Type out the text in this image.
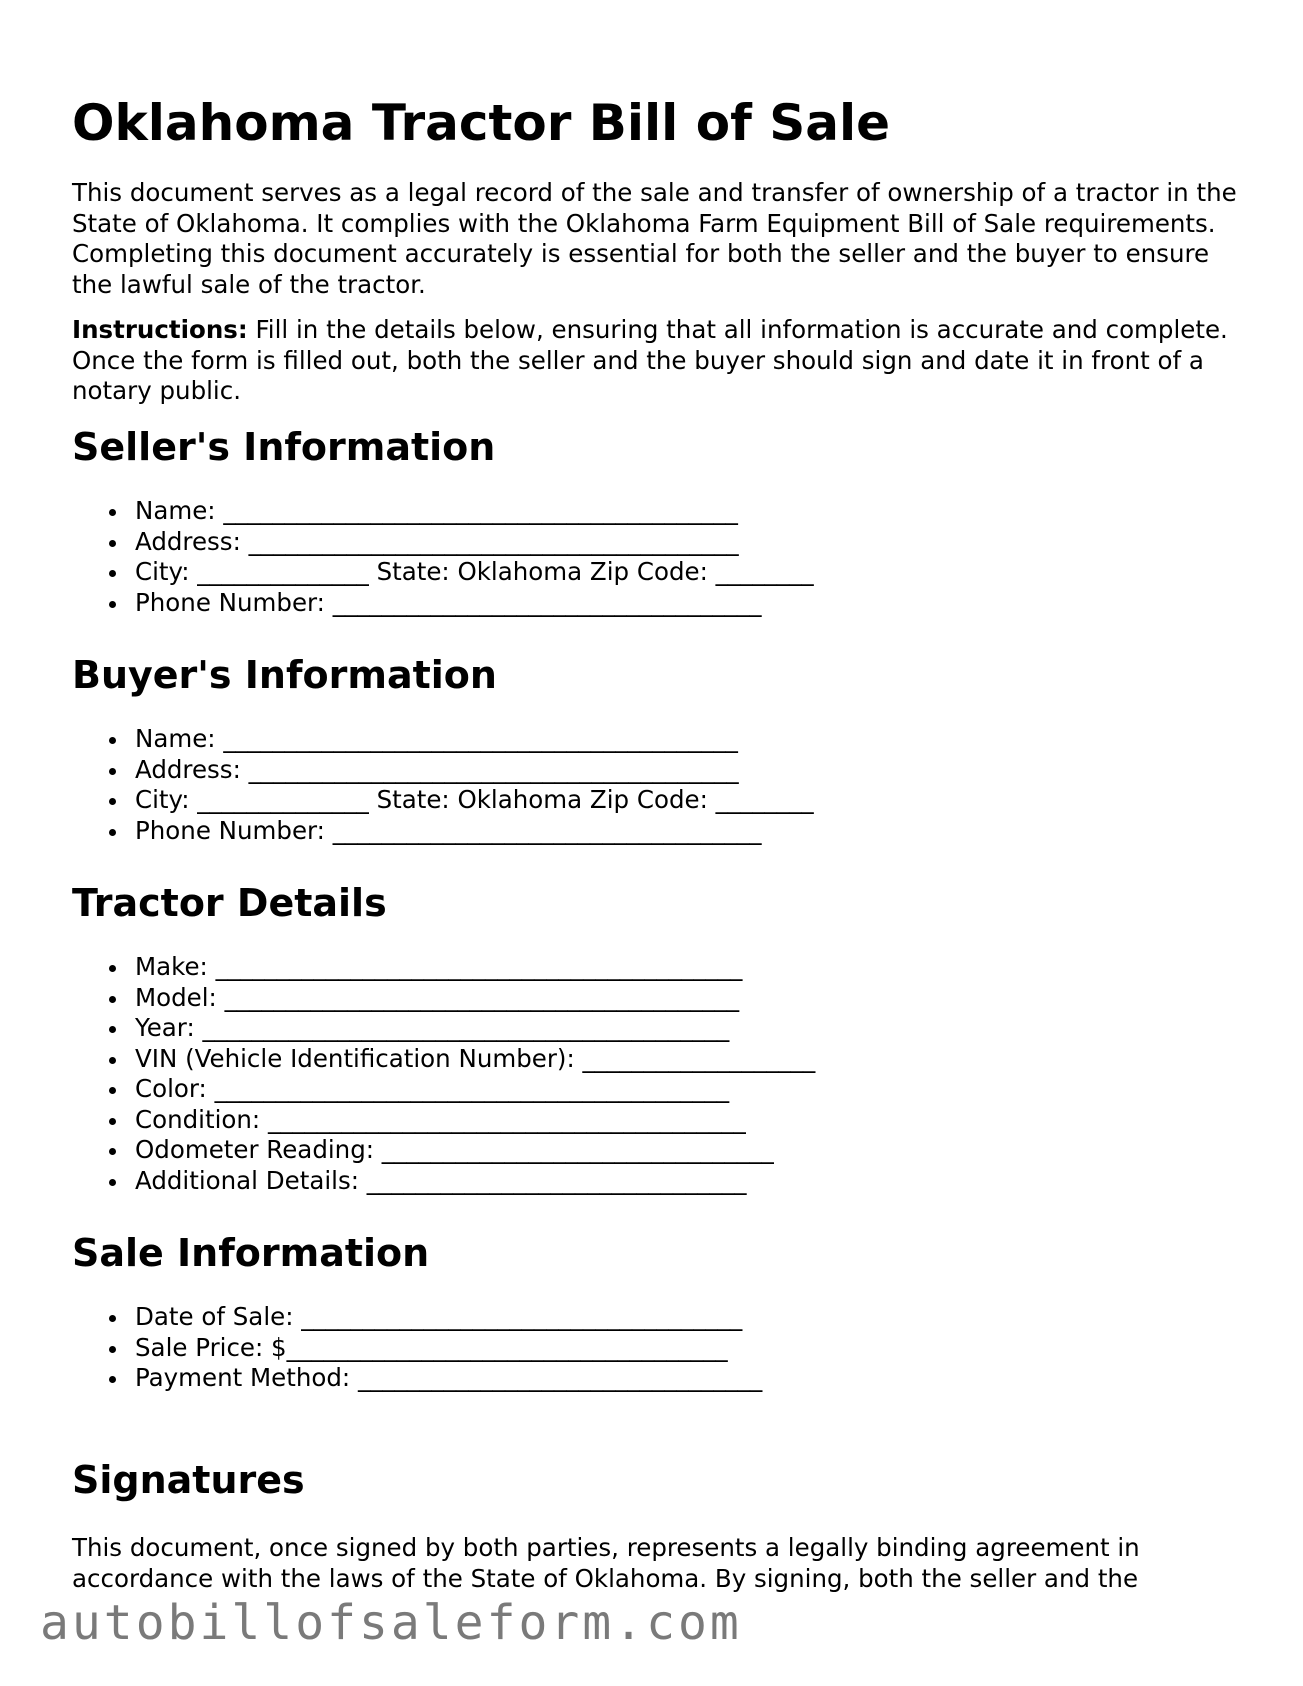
Oklahoma Tractor Bill of Sale

This document serves as a legal record of the sale and transfer of ownership of a tractor in the State of Oklahoma. It complies with the Oklahoma Farm Equipment Bill of Sale requirements. Completing this document accurately is essential for both the seller and the buyer to ensure the lawful sale of the tractor.

Instructions: Fill in the details below, ensuring that all information is accurate and complete. Once the form is filled out, both the seller and the buyer should sign and date it in front of a notary public.

Seller's Information
Name: __________________________________________
Address: ________________________________________
City: ______________ State: Oklahoma Zip Code: ________
Phone Number: ___________________________________
Buyer's Information
Name: __________________________________________
Address: ________________________________________
City: ______________ State: Oklahoma Zip Code: ________
Phone Number: ___________________________________
Tractor Details
Make: ___________________________________________
Model: __________________________________________
Year: ___________________________________________
VIN (Vehicle Identification Number): ___________________
Color: __________________________________________
Condition: _______________________________________
Odometer Reading: ________________________________
Additional Details: _______________________________
Sale Information
Date of Sale: ____________________________________
Sale Price: $____________________________________
Payment Method: _________________________________
Signatures

This document, once signed by both parties, represents a legally binding agreement in accordance with the laws of the State of Oklahoma. By signing, both the seller and the

autobillofsaleform.com
